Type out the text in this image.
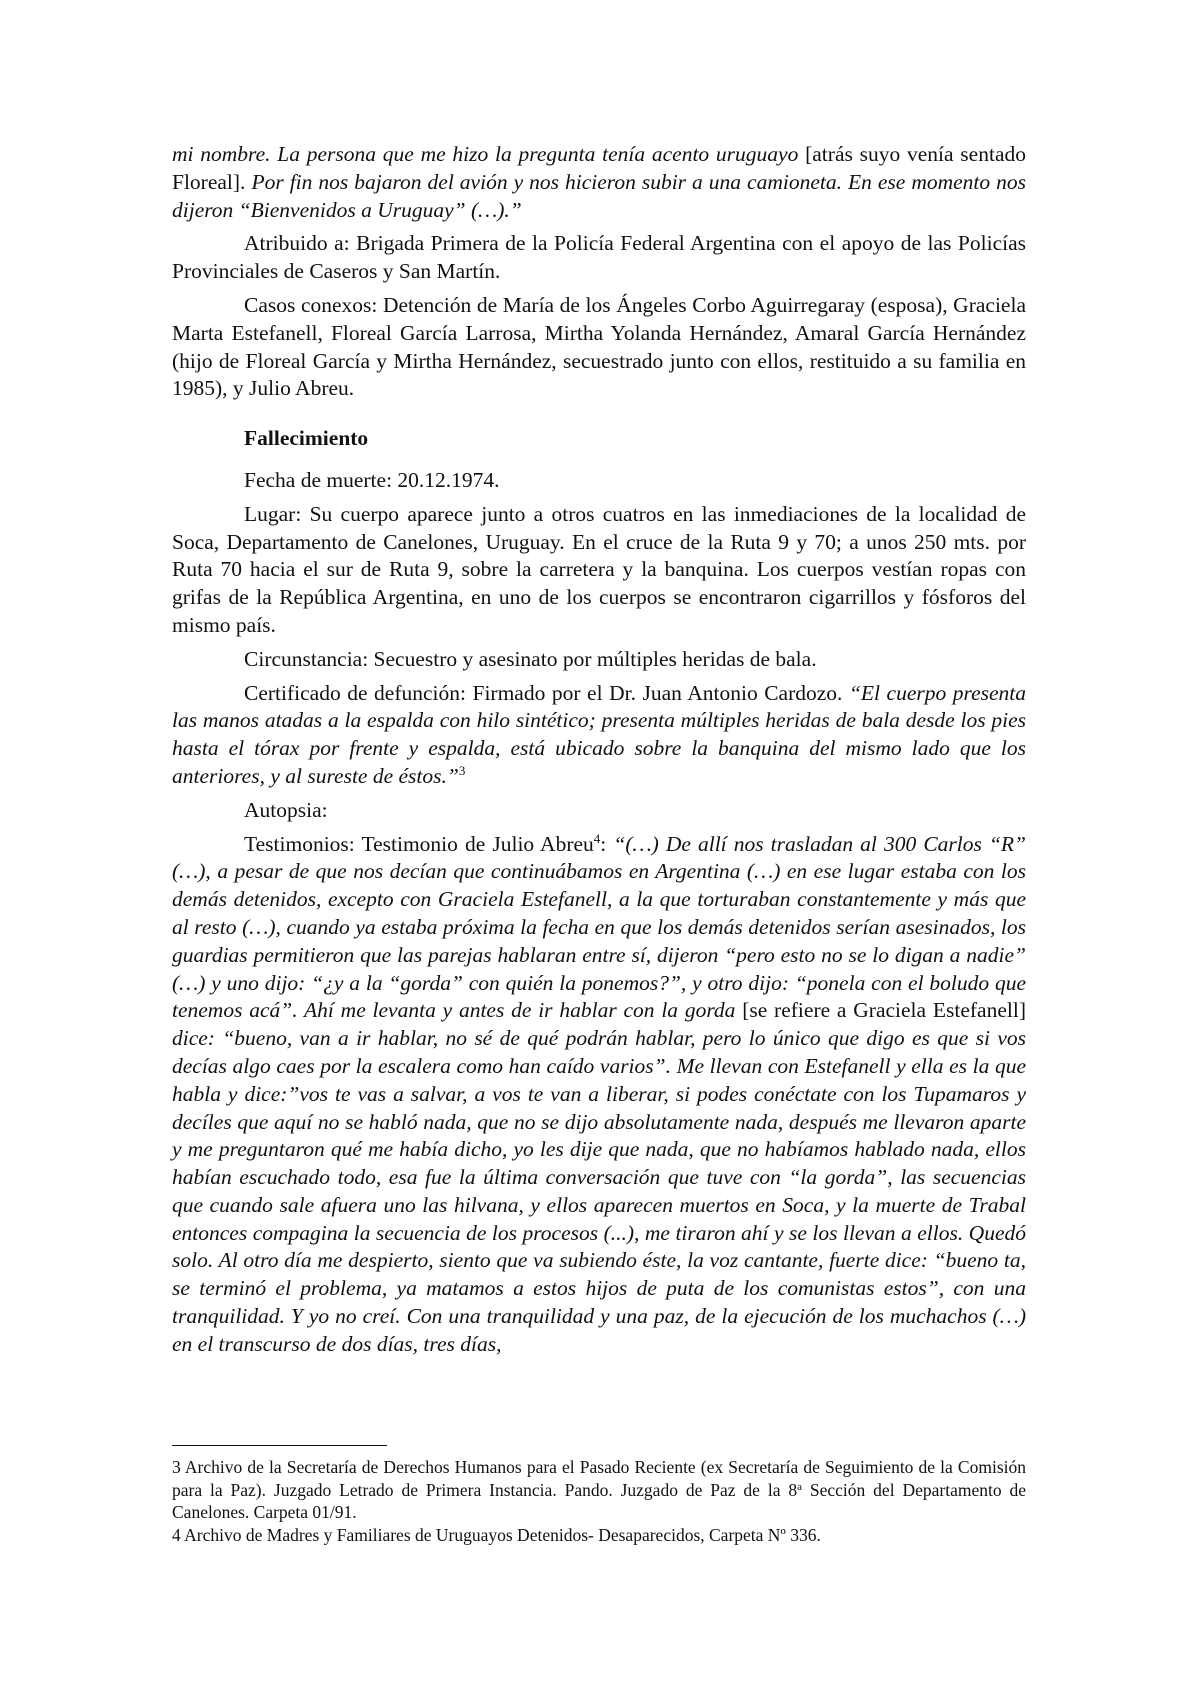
mi nombre. La persona que me hizo la pregunta tenía acento uruguayo [atrás suyo venía sentado Floreal]. Por fin nos bajaron del avión y nos hicieron subir a una camioneta. En ese momento nos dijeron “Bienvenidos a Uruguay” (…).”

Atribuido a: Brigada Primera de la Policía Federal Argentina con el apoyo de las Policías Provinciales de Caseros y San Martín.

Casos conexos: Detención de María de los Ángeles Corbo Aguirregaray (esposa), Graciela Marta Estefanell, Floreal García Larrosa, Mirtha Yolanda Hernández, Amaral García Hernández (hijo de Floreal García y Mirtha Hernández, secuestrado junto con ellos, restituido a su familia en 1985), y Julio Abreu.

Fallecimiento

Fecha de muerte: 20.12.1974.

Lugar: Su cuerpo aparece junto a otros cuatros en las inmediaciones de la localidad de Soca, Departamento de Canelones, Uruguay. En el cruce de la Ruta 9 y 70; a unos 250 mts. por Ruta 70 hacia el sur de Ruta 9, sobre la carretera y la banquina. Los cuerpos vestían ropas con grifas de la República Argentina, en uno de los cuerpos se encontraron cigarrillos y fósforos del mismo país.

Circunstancia: Secuestro y asesinato por múltiples heridas de bala.

Certificado de defunción: Firmado por el Dr. Juan Antonio Cardozo. “El cuerpo presenta las manos atadas a la espalda con hilo sintético; presenta múltiples heridas de bala desde los pies hasta el tórax por frente y espalda, está ubicado sobre la banquina del mismo lado que los anteriores, y al sureste de éstos.”$^3$

Autopsia:

Testimonios: Testimonio de Julio Abreu$^4$: “(…) De allí nos trasladan al 300 Carlos “R” (…), a pesar de que nos decían que continuábamos en Argentina (…) en ese lugar estaba con los demás detenidos, excepto con Graciela Estefanell, a la que torturaban constantemente y más que al resto (…), cuando ya estaba próxima la fecha en que los demás detenidos serían asesinados, los guardias permitieron que las parejas hablaran entre sí, dijeron “pero esto no se lo digan a nadie” (…) y uno dijo: “¿y a la “gorda” con quién la ponemos?”, y otro dijo: “ponela con el boludo que tenemos acá”. Ahí me levanta y antes de ir hablar con la gorda [se refiere a Graciela Estefanell] dice: “bueno, van a ir hablar, no sé de qué podrán hablar, pero lo único que digo es que si vos decías algo caes por la escalera como han caído varios”. Me llevan con Estefanell y ella es la que habla y dice:”vos te vas a salvar, a vos te van a liberar, si podes conéctate con los Tupamaros y decíles que aquí no se habló nada, que no se dijo absolutamente nada, después me llevaron aparte y me preguntaron qué me había dicho, yo les dije que nada, que no habíamos hablado nada, ellos habían escuchado todo, esa fue la última conversación que tuve con “la gorda”, las secuencias que cuando sale afuera uno las hilvana, y ellos aparecen muertos en Soca, y la muerte de Trabal entonces compagina la secuencia de los procesos (...), me tiraron ahí y se los llevan a ellos. Quedó solo. Al otro día me despierto, siento que va subiendo éste, la voz cantante, fuerte dice: “bueno ta, se terminó el problema, ya matamos a estos hijos de puta de los comunistas estos”, con una tranquilidad. Y yo no creí. Con una tranquilidad y una paz, de la ejecución de los muchachos (…) en el transcurso de dos días, tres días,

3 Archivo de la Secretaría de Derechos Humanos para el Pasado Reciente (ex Secretaría de Seguimiento de la Comisión para la Paz). Juzgado Letrado de Primera Instancia. Pando. Juzgado de Paz de la 8$^a$ Sección del Departamento de Canelones. Carpeta 01/91.

4 Archivo de Madres y Familiares de Uruguayos Detenidos- Desaparecidos, Carpeta Nº 336.
